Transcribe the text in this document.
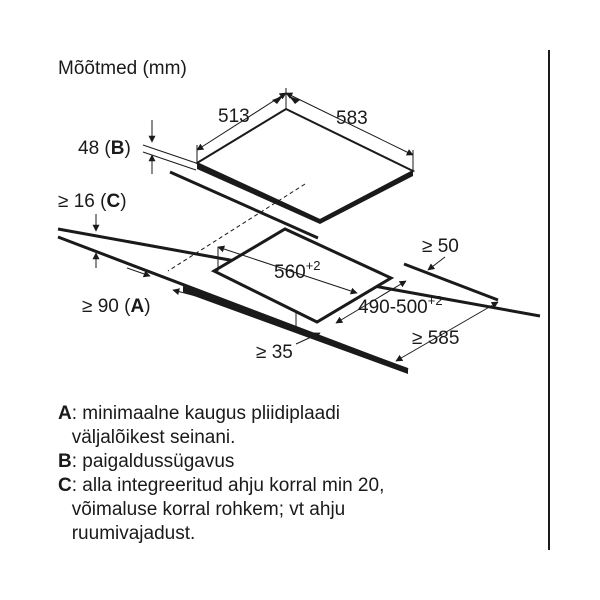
Mõõtmed (mm)
513	583
48 (B)
$560^{+2}$
$490-500^{+2}$
≥ 16 (C)
≥ 50
≥ 90 (A)
≥ 35
≥ 585
A : minimaalne kaugus pliidiplaadi
väljalõikest seinani.
B : paigaldussügavus
C : alla integreeritud ahju korral min 20,
võimaluse korral rohkem; vt ahju
ruumivajadust.
